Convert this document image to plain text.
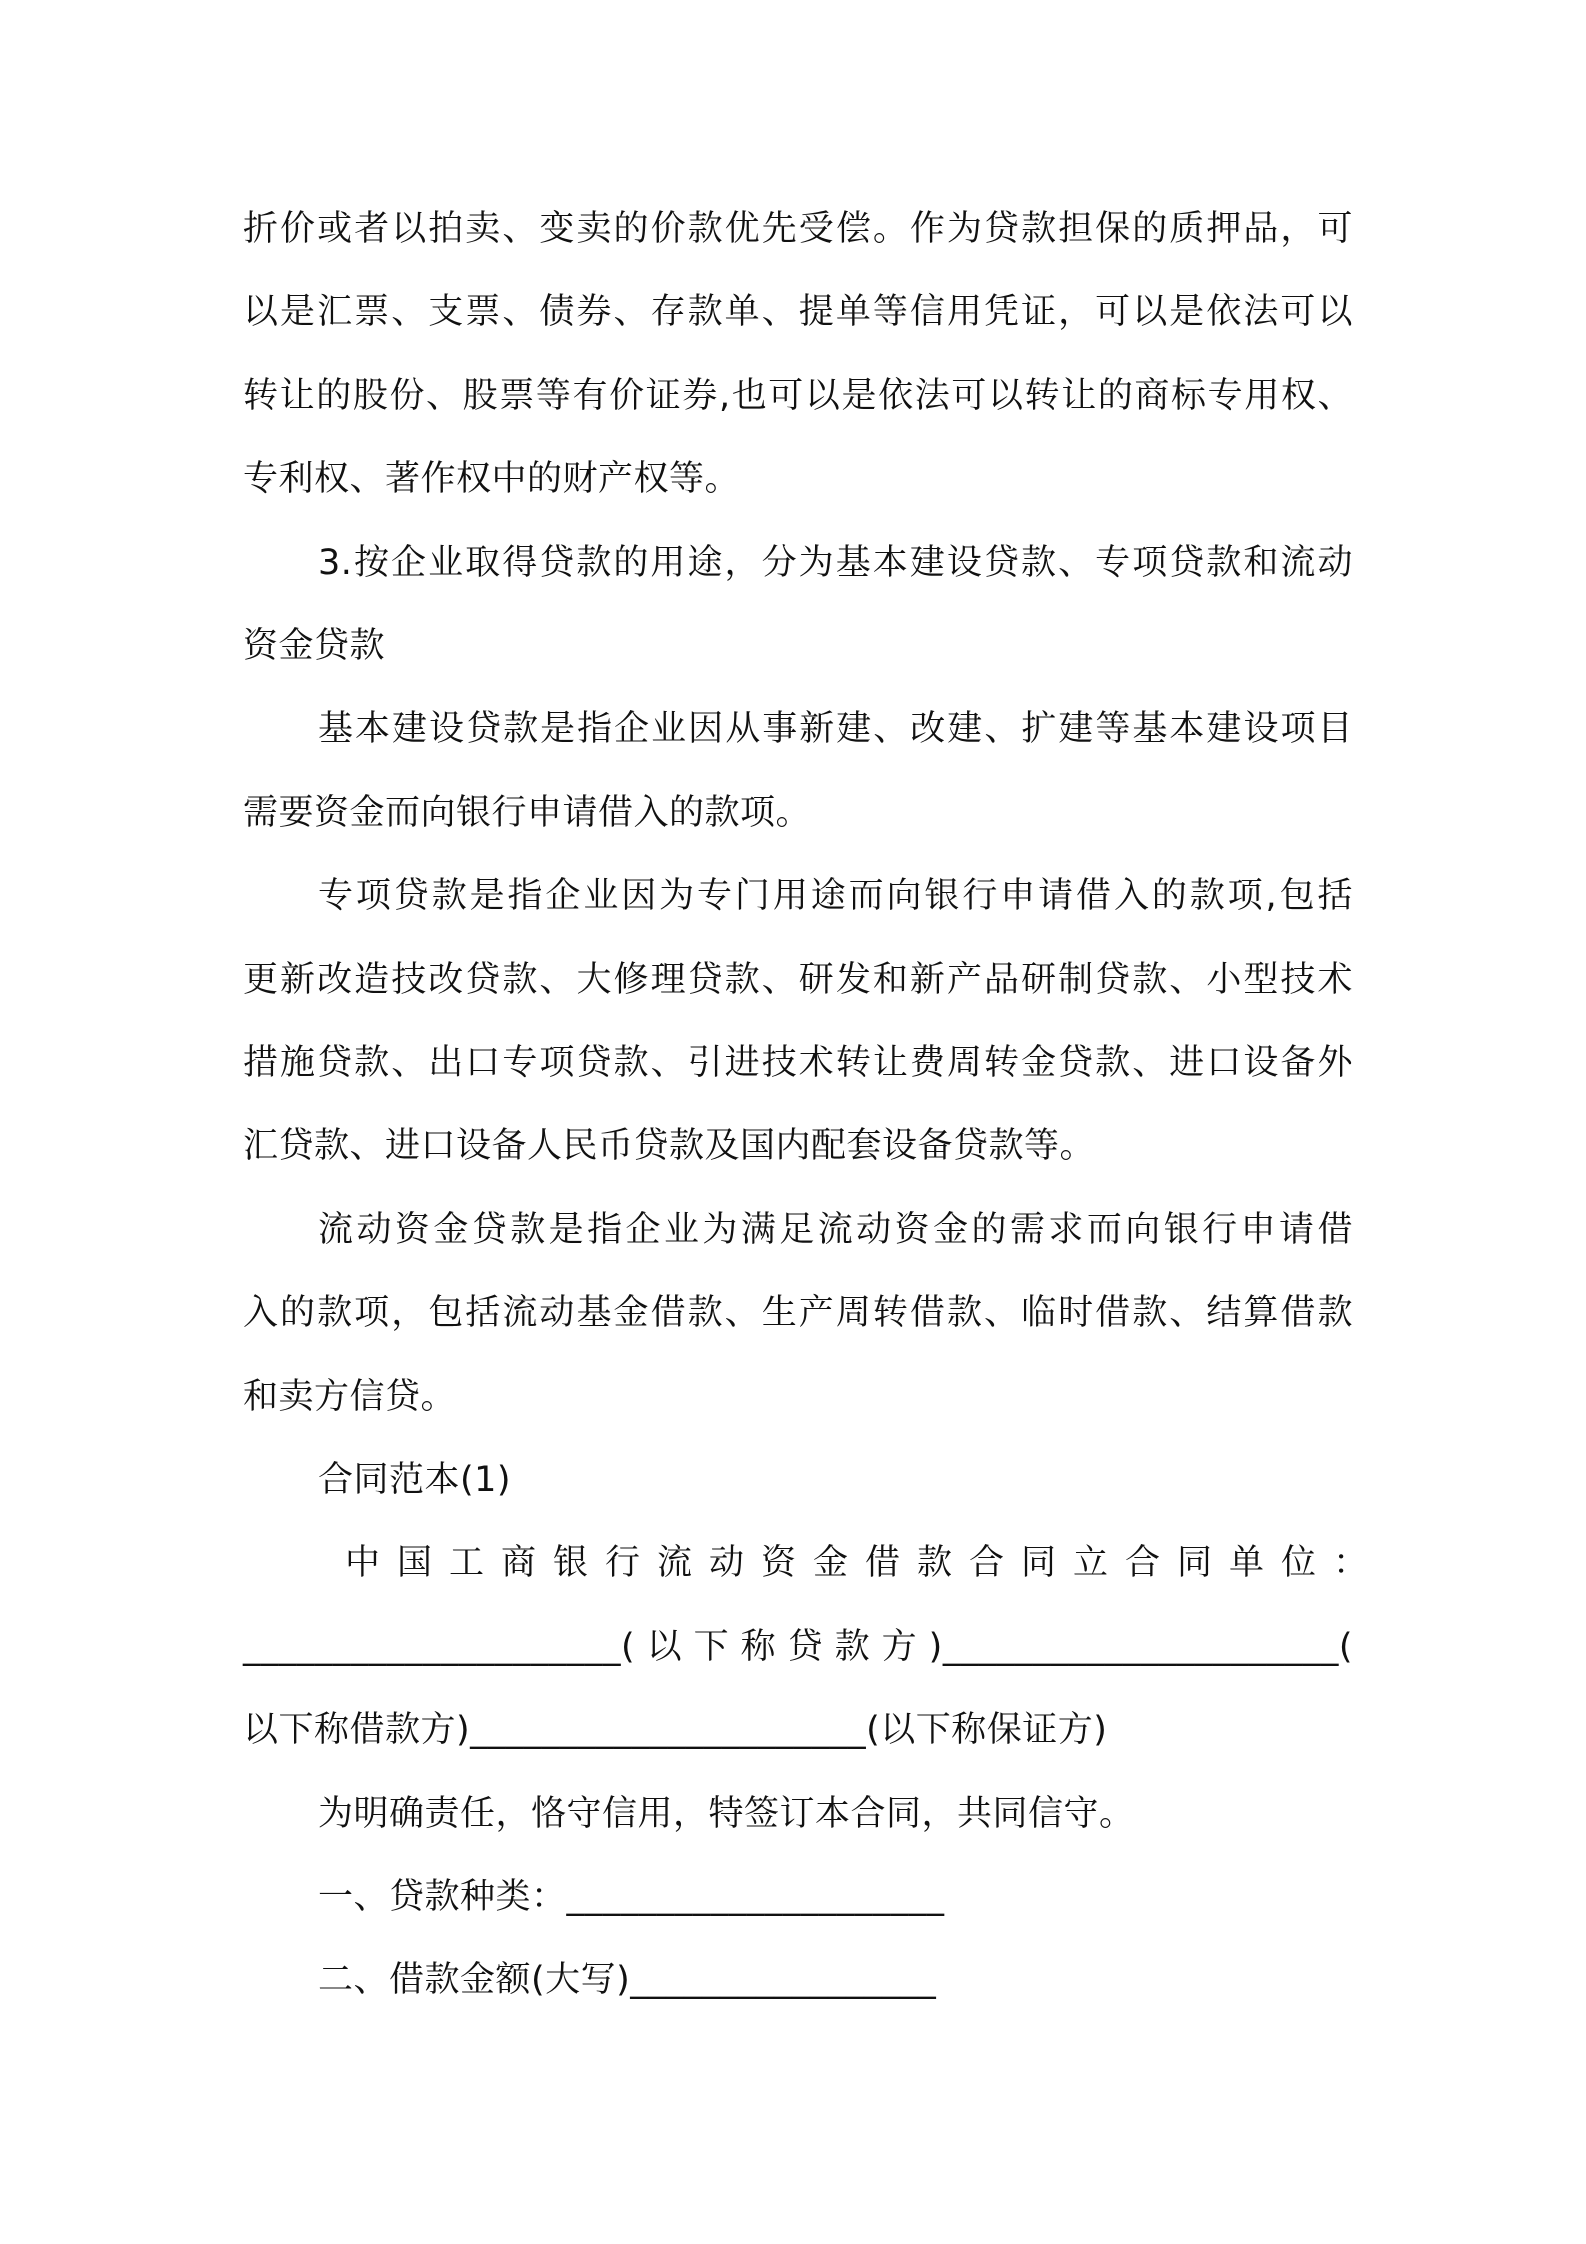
折价或者以拍卖、变卖的价款优先受偿。作为贷款担保的质押品，可
以是汇票、支票、债券、存款单、提单等信用凭证，可以是依法可以
转让的股份、股票等有价证券,也可以是依法可以转让的商标专用权、
专利权、著作权中的财产权等。
3.按企业取得贷款的用途，分为基本建设贷款、专项贷款和流动
资金贷款
基本建设贷款是指企业因从事新建、改建、扩建等基本建设项目
需要资金而向银行申请借入的款项。
专项贷款是指企业因为专门用途而向银行申请借入的款项,包括
更新改造技改贷款、大修理贷款、研发和新产品研制贷款、小型技术
措施贷款、出口专项贷款、引进技术转让费周转金贷款、进口设备外
汇贷款、进口设备人民币贷款及国内配套设备贷款等。
流动资金贷款是指企业为满足流动资金的需求而向银行申请借
入的款项，包括流动基金借款、生产周转借款、临时借款、结算借款
和卖方信贷。
合同范本(1)
中国工商银行流动资金借款合同立合同单位：
_____________________(以下称贷款方)______________________(
以下称借款方)______________________(以下称保证方)
为明确责任，恪守信用，特签订本合同，共同信守。
一、贷款种类：_____________________
二、借款金额(大写)_________________
